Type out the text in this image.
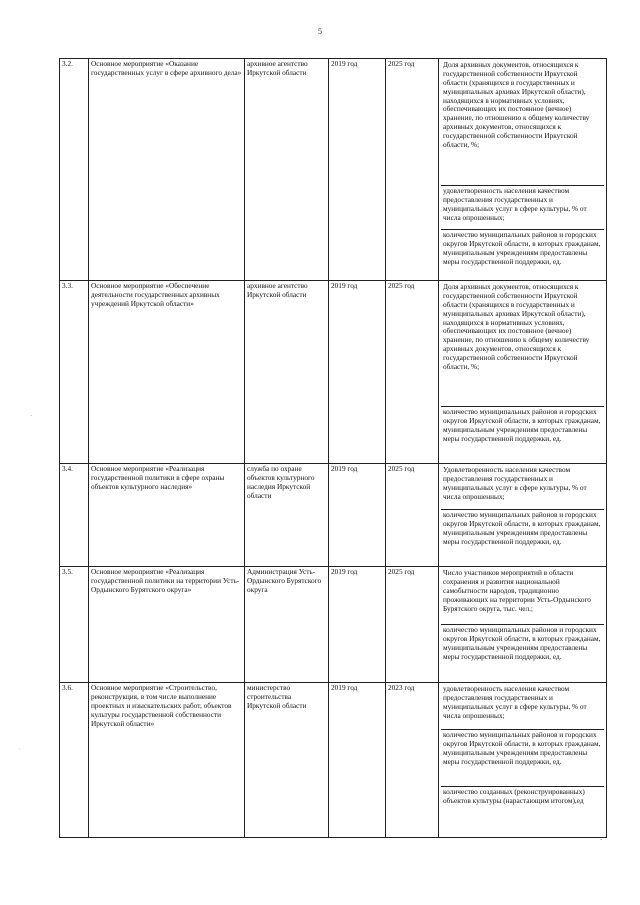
5
3.2.	Основное мероприятие «Оказание государственных услуг в сфере архивного дела»	архивное агентство Иркутской области	2019 год	2025 год	Доля архивных документов, относящихся к государственной собственности Иркутской области (хранящихся в государственных и муниципальных архивах Иркутской области), находящихся в нормативных условиях, обеспечивающих их постоянное (вечное) хранение, по отношению к общему количеству архивных документов, относящихся к государственной собственности Иркутской области, %;
удовлетворенность населения качеством предоставления государственных и муниципальных услуг в сфере культуры, % от числа опрошенных;
количество муниципальных районов и городских округов Иркутской области, в которых гражданам, муниципальным учреждениям предоставлены меры государственной поддержки, ед.

3.3.	Основное мероприятие «Обеспечение деятельности государственных архивных учреждений Иркутской области»	архивное агентство Иркутской области	2019 год	2025 год	Доля архивных документов, относящихся к государственной собственности Иркутской области (хранящихся в государственных и муниципальных архивах Иркутской области), находящихся в нормативных условиях, обеспечивающих их постоянное (вечное) хранение, по отношению к общему количеству архивных документов, относящихся к государственной собственности Иркутской области, %;
количество муниципальных районов и городских округов Иркутской области, в которых гражданам, муниципальным учреждениям предоставлены меры государственной поддержки, ед.

3.4.	Основное мероприятие «Реализация государственной политики в сфере охраны объектов культурного наследия»	служба по охране объектов культурного наследия Иркутской области	2019 год	2025 год	Удовлетворенность населения качеством предоставления государственных и муниципальных услуг в сфере культуры, % от числа опрошенных;
количество муниципальных районов и городских округов Иркутской области, в которых гражданам, муниципальным учреждениям предоставлены меры государственной поддержки, ед.

3.5.	Основное мероприятие «Реализация государственной политики на территории Усть-Ордынского Бурятского округа»	Администрация Усть-Ордынского Бурятского округа	2019 год	2025 год	Число участников мероприятий в области сохранения и развития национальной самобытности народов, традиционно проживающих на территории Усть-Ордынского Бурятского округа, тыс. чел.;
количество муниципальных районов и городских округов Иркутской области, в которых гражданам, муниципальным учреждениям предоставлены меры государственной поддержки, ед.

3.6.	Основное мероприятие «Строительство, реконструкция, в том числе выполнение проектных и изыскательских работ, объектов культуры государственной собственности Иркутской области»	министерство строительства Иркутской области	2019 год	2023 год	удовлетворенность населения качеством предоставления государственных и муниципальных услуг в сфере культуры, % от числа опрошенных;
количество муниципальных районов и городских округов Иркутской области, в которых гражданам, муниципальным учреждениям предоставлены меры государственной поддержки, ед.
количество созданных (реконструированных) объектов культуры (нарастающим итогом),ед
·
ˌ
-
